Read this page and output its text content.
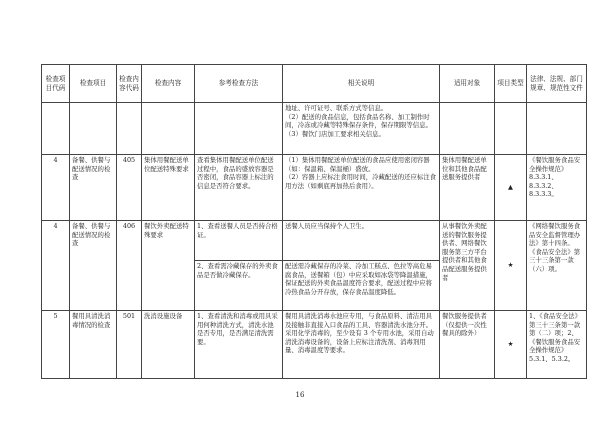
检查项目代码	检查项目	检查内容代码	检查内容	参考检查方法	相关说明	适用对象	项目类型	法律、法规、部门规章、规范性文件

					地址、许可证号、联系方式等信息。
（2）配送的食品信息，包括食品名称、加工制作时间，冷冻或冷藏等特殊保存条件，保存期限等信息。
（3）餐饮门店加工要求相关信息。			

4	备餐、供餐与配送情况的检查	405	集体用餐配送单位配送特殊要求	查看集体用餐配送单位配送过程中，食品的盛放容器是否密闭，食品容器上标注的信息是否符合要求。	（1）集体用餐配送单位配送的食品应使用密闭容器（如：保温箱、保温桶）盛放。
（2）容器上应标注食用时间，冷藏配送的还应标注食用方法（如剩底再加热后食用）。	集体用餐配送单位和其他食品配送服务提供者	▲	《餐饮服务食品安全操作规范》8.3.3.1、8.3.3.2、8.3.3.3。
4	备餐、供餐与配送情况的检查	406	餐饮外卖配送特殊要求	1、查看送餐人员是否持合格证。	送餐人员应当保持个人卫生。	从事餐饮外卖配送的餐饮服务提供者、网络餐饮服务第三方平台提供者和其他食品配送服务提供者	★	《网络餐饮服务食品安全监督管理办法》第十四条。
《食品安全法》第三十三条第一款（六）项。

				2、查看需冷藏保存的外卖食品是否做冷藏保存。	配送需冷藏保存的冷菜、冷加工糕点、色拉等高危易腐食品，送餐箱（包）中应采取如冰袋等降温措施，保证配送的外卖食品温度符合要求，配送过程中应将冷热食品分开存放，保存食品温度降低。			
5	餐用具清洗消毒情况的检查	501	洗消设施设备	1、查看清洗和消毒或用具采用何种清洗方式，清洗水池是否专用，是否满足清洗需要。	餐用具清洗消毒水池应专用，与食品原料、清洁用具及接触非直接入口食品的工具、容器清洗水池分开。采用化学消毒的，至少设有 3 个专用水池，采用自动清洗消毒设备的，设备上应标注清洗剂、消毒剂用量、消毒温度等要求。	餐饮服务提供者（仅提供一次性餐具的除外）	★	1、《食品安全法》第三十三条第一款第（二）项；2、《餐饮服务食品安全操作规范》5.3.1、5.3.2。
16
